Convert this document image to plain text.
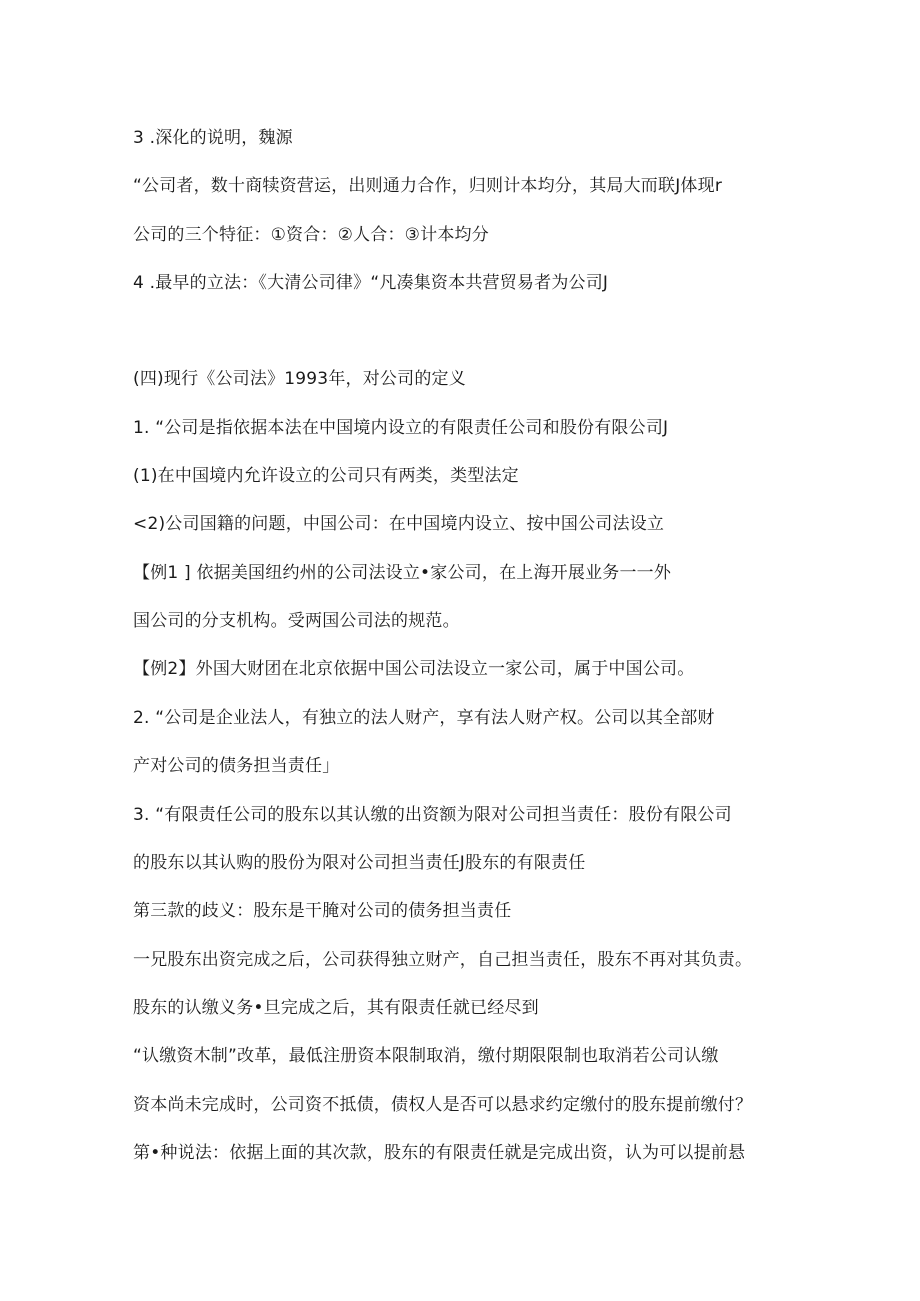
3 .深化的说明，魏源

“公司者，数十商犊资营运，出则通力合作，归则计本均分，其局大而联J体现r

公司的三个特征：①资合：②人合：③计本均分

4 .最早的立法：《大清公司律》“凡凑集资本共营贸易者为公司J

(四)现行《公司法》1993年，对公司的定义

1. “公司是指依据本法在中国境内设立的有限责任公司和股份有限公司J

(1)在中国境内允许设立的公司只有两类，类型法定

<2)公司国籍的问题，中国公司：在中国境内设立、按中国公司法设立

【例1 ] 依据美国纽约州的公司法设立•家公司，在上海开展业务一一外

国公司的分支机构。受两国公司法的规范。

【例2】外国大财团在北京依据中国公司法设立一家公司，属于中国公司。

2. “公司是企业法人，有独立的法人财产，享有法人财产权。公司以其全部财

产对公司的债务担当责任」

3. “有限责任公司的股东以其认缴的出资额为限对公司担当责任：股份有限公司

的股东以其认购的股份为限对公司担当责任J股东的有限责任

第三款的歧义：股东是干腌对公司的债务担当责任

一兄股东出资完成之后，公司获得独立财产，自己担当责任，股东不再对其负责。

股东的认缴义务•旦完成之后，其有限责任就已经尽到

“认缴资木制”改革，最低注册资本限制取消，缴付期限限制也取消若公司认缴

资本尚未完成时，公司资不抵债，债权人是否可以悬求约定缴付的股东提前缴付？

第•种说法：依据上面的其次款，股东的有限责任就是完成出资，认为可以提前悬
